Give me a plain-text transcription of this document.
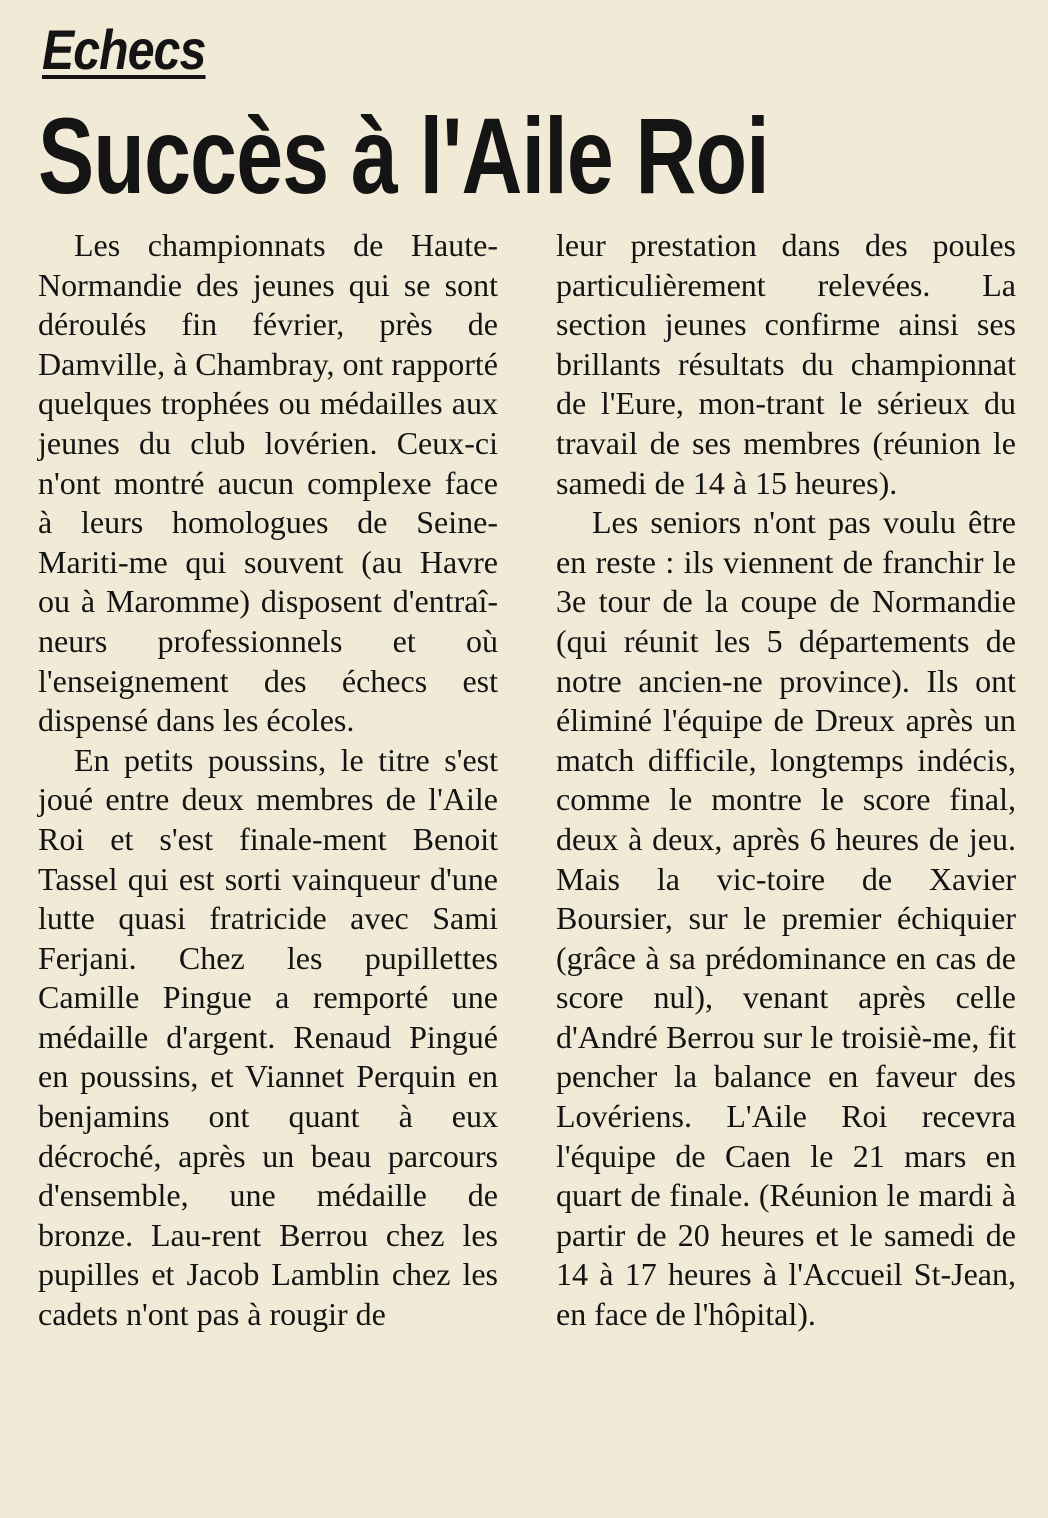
Echecs
Succès à l'Aile Roi

Les championnats de Haute-Normandie des jeunes qui se sont déroulés fin février, près de Damville, à Chambray, ont rapporté quelques trophées ou médailles aux jeunes du club lovérien. Ceux-ci n'ont montré aucun complexe face à leurs homologues de Seine-Mariti-me qui souvent (au Havre ou à Maromme) disposent d'entraî-neurs professionnels et où l'enseignement des échecs est dispensé dans les écoles.

En petits poussins, le titre s'est joué entre deux membres de l'Aile Roi et s'est finale-ment Benoit Tassel qui est sorti vainqueur d'une lutte quasi fratricide avec Sami Ferjani. Chez les pupillettes Camille Pingue a remporté une médaille d'argent. Renaud Pingué en poussins, et Viannet Perquin en benjamins ont quant à eux décroché, après un beau parcours d'ensemble, une médaille de bronze. Lau-rent Berrou chez les pupilles et Jacob Lamblin chez les cadets n'ont pas à rougir de

leur prestation dans des poules particulièrement relevées. La section jeunes confirme ainsi ses brillants résultats du championnat de l'Eure, mon-trant le sérieux du travail de ses membres (réunion le samedi de 14 à 15 heures).

Les seniors n'ont pas voulu être en reste : ils viennent de franchir le 3e tour de la coupe de Normandie (qui réunit les 5 départements de notre ancien-ne province). Ils ont éliminé l'équipe de Dreux après un match difficile, longtemps indécis, comme le montre le score final, deux à deux, après 6 heures de jeu. Mais la vic-toire de Xavier Boursier, sur le premier échiquier (grâce à sa prédominance en cas de score nul), venant après celle d'André Berrou sur le troisiè-me, fit pencher la balance en faveur des Lovériens. L'Aile Roi recevra l'équipe de Caen le 21 mars en quart de finale. (Réunion le mardi à partir de 20 heures et le samedi de 14 à 17 heures à l'Accueil St-Jean, en face de l'hôpital).
